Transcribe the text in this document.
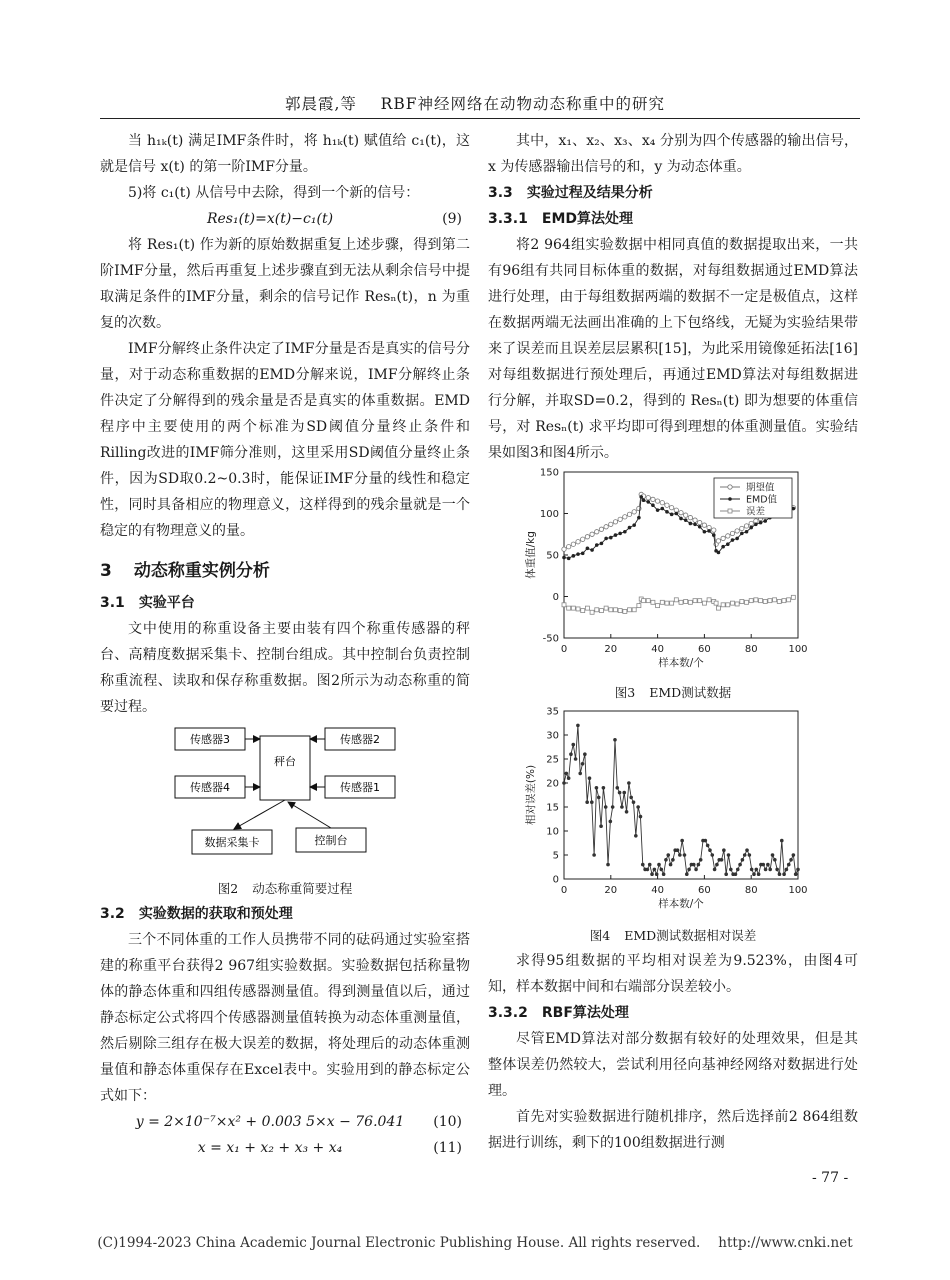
郭晨霞,等 RBF神经网络在动物动态称重中的研究

当 h₁ₖ(t) 满足IMF条件时，将 h₁ₖ(t) 赋值给 c₁(t)，这就是信号 x(t) 的第一阶IMF分量。

5)将 c₁(t) 从信号中去除，得到一个新的信号：

Res₁(t)=x(t)−c₁(t)	(9)

将 Res₁(t) 作为新的原始数据重复上述步骤，得到第二阶IMF分量，然后再重复上述步骤直到无法从剩余信号中提取满足条件的IMF分量，剩余的信号记作 Resₙ(t)，n 为重复的次数。

IMF分解终止条件决定了IMF分量是否是真实的信号分量，对于动态称重数据的EMD分解来说，IMF分解终止条件决定了分解得到的残余量是否是真实的体重数据。EMD程序中主要使用的两个标准为SD阈值分量终止条件和Rilling改进的IMF筛分准则，这里采用SD阈值分量终止条件，因为SD取0.2~0.3时，能保证IMF分量的线性和稳定性，同时具备相应的物理意义，这样得到的残余量就是一个稳定的有物理意义的量。

3 动态称重实例分析
3.1 实验平台

文中使用的称重设备主要由装有四个称重传感器的秤台、高精度数据采集卡、控制台组成。其中控制台负责控制称重流程、读取和保存称重数据。图2所示为动态称重的简要过程。

传感器3	传感器2
传感器4	传感器1
秤台
数据采集卡	控制台
图2 动态称重简要过程
3.2 实验数据的获取和预处理

三个不同体重的工作人员携带不同的砝码通过实验室搭建的称重平台获得2 967组实验数据。实验数据包括称量物体的静态体重和四组传感器测量值。得到测量值以后，通过静态标定公式将四个传感器测量值转换为动态体重测量值，然后剔除三组存在极大误差的数据，将处理后的动态体重测量值和静态体重保存在Excel表中。实验用到的静态标定公式如下：

y = 2×10⁻⁷×x² + 0.003 5×x − 76.041	(10)
x = x₁ + x₂ + x₃ + x₄	(11)

其中，x₁、x₂、x₃、x₄ 分别为四个传感器的输出信号，x 为传感器输出信号的和，y 为动态体重。

3.3 实验过程及结果分析
3.3.1 EMD算法处理

将2 964组实验数据中相同真值的数据提取出来，一共有96组有共同目标体重的数据，对每组数据通过EMD算法进行处理，由于每组数据两端的数据不一定是极值点，这样在数据两端无法画出准确的上下包络线，无疑为实验结果带来了误差而且误差层层累积[15]，为此采用镜像延拓法[16]对每组数据进行预处理后，再通过EMD算法对每组数据进行分解，并取SD=0.2，得到的 Resₙ(t) 即为想要的体重信号，对 Resₙ(t) 求平均即可得到理想的体重测量值。实验结果如图3和图4所示。

0	20	40	60	80	100
-50
0
50
100
150
样本数/个
体重值/kg
期望值
EMD值
误差
图3 EMD测试数据
0	20	40	60	80	100
0
5
10
15
20
25
30
35
样本数/个
相对误差(%)
图4 EMD测试数据相对误差

求得95组数据的平均相对误差为9.523%，由图4可知，样本数据中间和右端部分误差较小。

3.3.2 RBF算法处理

尽管EMD算法对部分数据有较好的处理效果，但是其整体误差仍然较大，尝试利用径向基神经网络对数据进行处理。

首先对实验数据进行随机排序，然后选择前2 864组数据进行训练，剩下的100组数据进行测

- 77 -
(C)1994-2023 China Academic Journal Electronic Publishing House. All rights reserved. http://www.cnki.net
